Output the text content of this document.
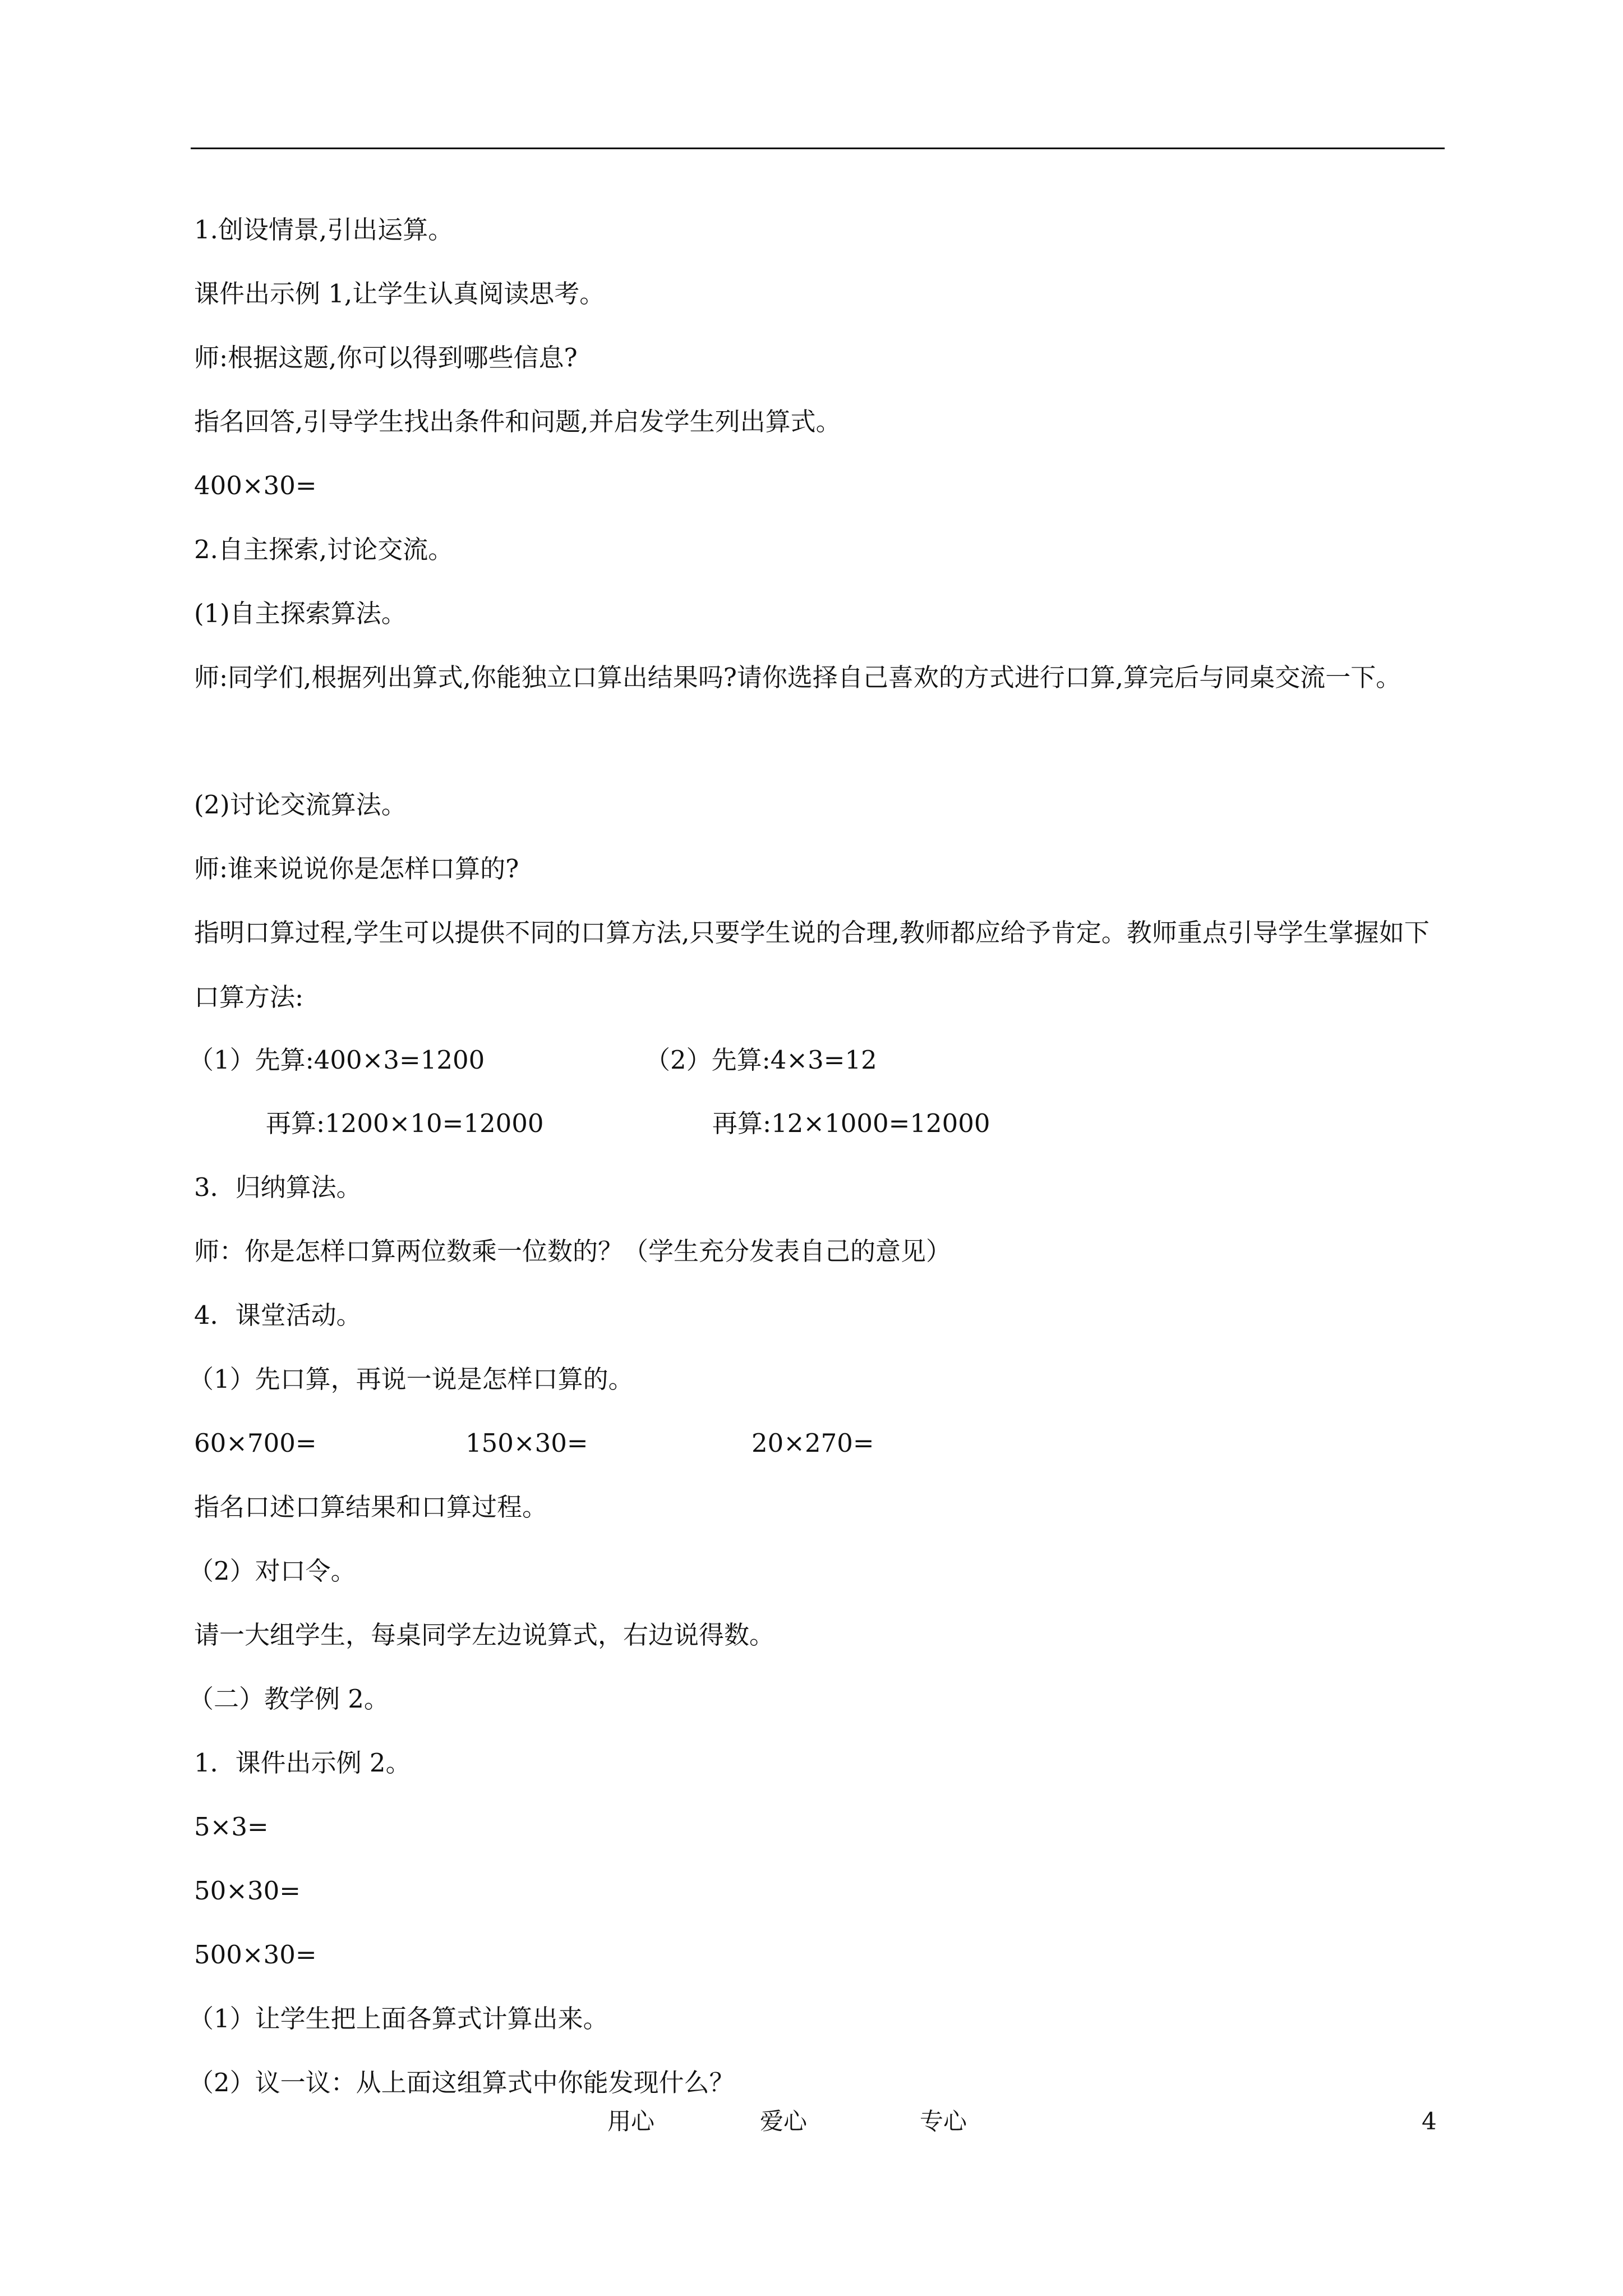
1.创设情景,引出运算。
课件出示例 1,让学生认真阅读思考。
师:根据这题,你可以得到哪些信息?
指名回答,引导学生找出条件和问题,并启发学生列出算式。
400×30=
2.自主探索,讨论交流。
(1)自主探索算法。
师:同学们,根据列出算式,你能独立口算出结果吗?请你选择自己喜欢的方式进行口算,算完后与同桌交流一下。
(2)讨论交流算法。
师:谁来说说你是怎样口算的?
指明口算过程,学生可以提供不同的口算方法,只要学生说的合理,教师都应给予肯定。教师重点引导学生掌握如下口算方法:
（1）先算:400×3=1200	（2）先算:4×3=12
再算:1200×10=12000	再算:12×1000=12000
3．归纳算法。
师：你是怎样口算两位数乘一位数的？（学生充分发表自己的意见）
4．课堂活动。
（1）先口算，再说一说是怎样口算的。
60×700=	150×30=	20×270=
指名口述口算结果和口算过程。
（2）对口令。
请一大组学生，每桌同学左边说算式，右边说得数。
（二）教学例 2。
1．课件出示例 2。
5×3=
50×30=
500×30=
（1）让学生把上面各算式计算出来。
（2）议一议：从上面这组算式中你能发现什么？
用心	爱心	专心	4
